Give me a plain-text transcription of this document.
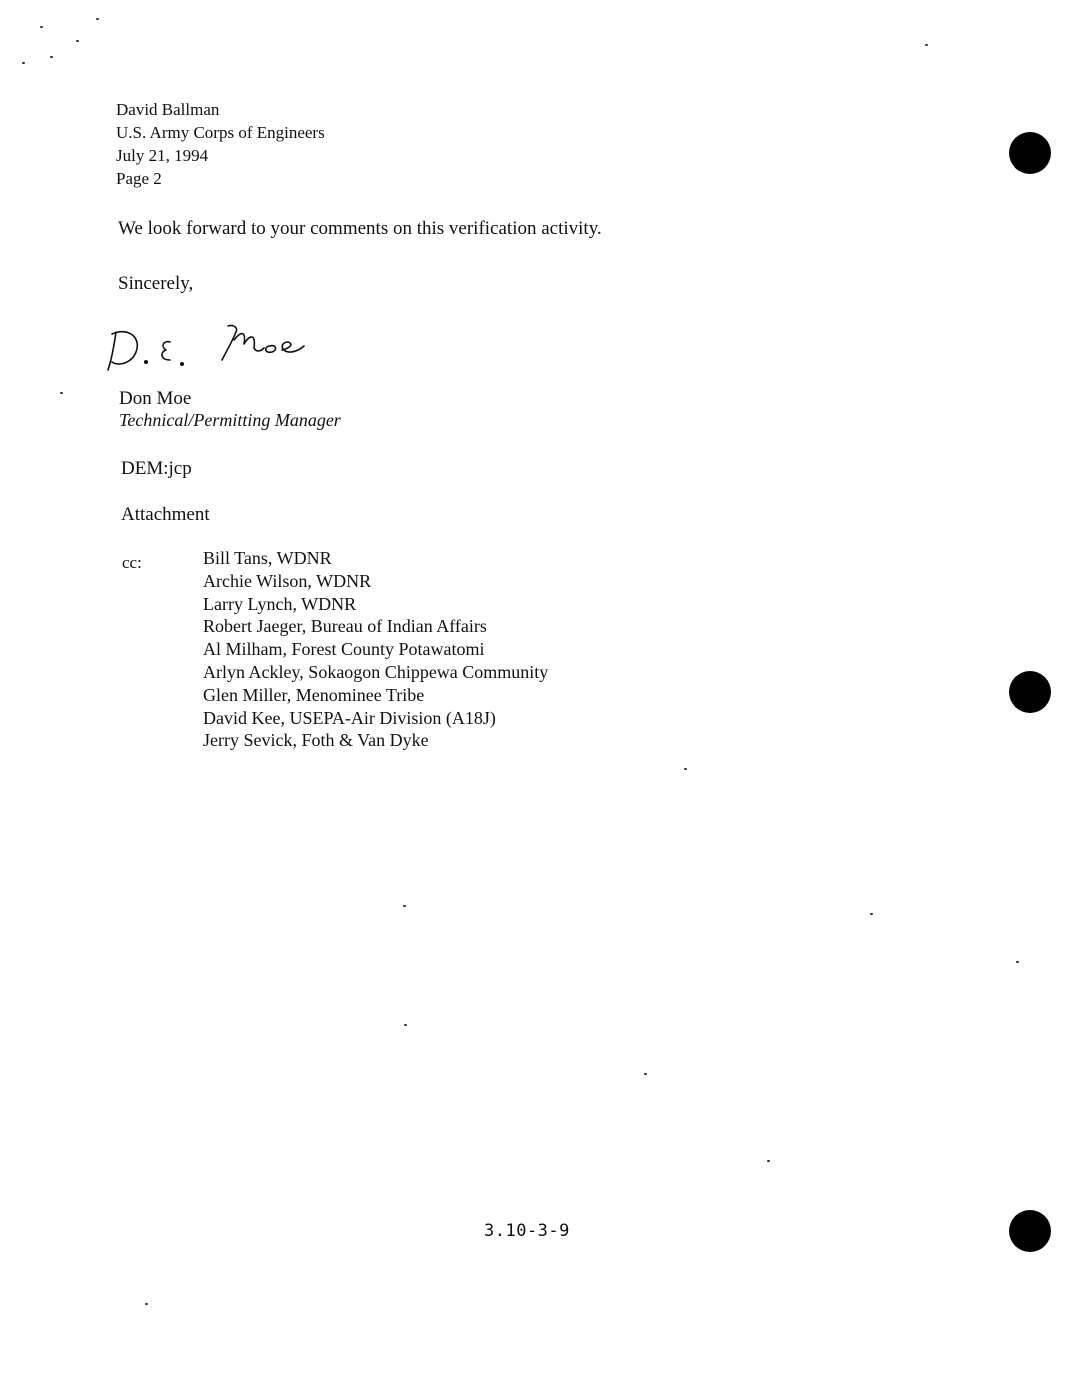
David Ballman
U.S. Army Corps of Engineers
July 21, 1994
Page 2
We look forward to your comments on this verification activity.
Sincerely,
Don Moe
Technical/Permitting Manager
DEM:jcp
Attachment
cc:	Bill Tans, WDNR
Archie Wilson, WDNR
Larry Lynch, WDNR
Robert Jaeger, Bureau of Indian Affairs
Al Milham, Forest County Potawatomi
Arlyn Ackley, Sokaogon Chippewa Community
Glen Miller, Menominee Tribe
David Kee, USEPA-Air Division (A18J)
Jerry Sevick, Foth & Van Dyke
3.10-3-9
